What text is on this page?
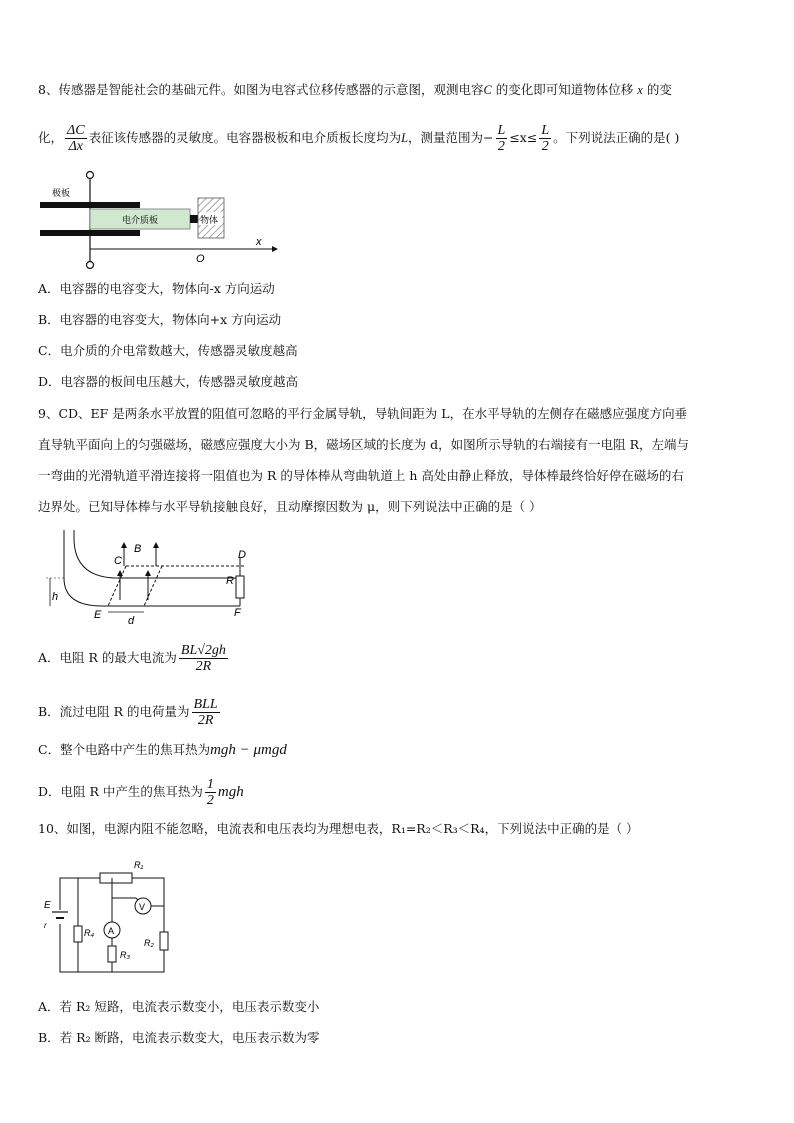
8、传感器是智能社会的基础元件。如图为电容式位移传感器的示意图，观测电容C 的变化即可知道物体位移 x 的变
化， $\frac{\Delta C}{\Delta x}$ 表征该传感器的灵敏度。电容器极板和电介质板长度均为L，测量范围为− $\frac{L}{2} \le x\le \frac{L}{2}$ 。下列说法正确的是( )
极板
电介质板	物体
x
O
A．电容器的电容变大，物体向-x 方向运动
B．电容器的电容变大，物体向+x 方向运动
C．电介质的介电常数越大，传感器灵敏度越高
D．电容器的板间电压越大，传感器灵敏度越高
9、CD、EF 是两条水平放置的阻值可忽略的平行金属导轨，导轨间距为 L，在水平导轨的左侧存在磁感应强度方向垂
直导轨平面向上的匀强磁场，磁感应强度大小为 B，磁场区域的长度为 d，如图所示导轨的右端接有一电阻 R，左端与
一弯曲的光滑轨道平滑连接将一阻值也为 R 的导体棒从弯曲轨道上 h 高处由静止释放，导体棒最终恰好停在磁场的右
边界处。已知导体棒与水平导轨接触良好，且动摩擦因数为 μ，则下列说法中正确的是（ ）
B
C	D
E	F
R
h
d
A．电阻 R 的最大电流为 $\frac{BL√2gh}{2R}$
B．流过电阻 R 的电荷量为 $\frac{\text{BLL}}{2R}$
C．整个电路中产生的焦耳热为mgh − μmgd
D．电阻 R 中产生的焦耳热为 $\frac{1}{2}$ mgh
10、如图，电源内阻不能忽略，电流表和电压表均为理想电表，R₁=R₂＜R₃＜R₄，下列说法中正确的是（ ）
E
r
R₁
R₂
R₃
R₄ A
V
A．若 R₂ 短路，电流表示数变小，电压表示数变小
B．若 R₂ 断路，电流表示数变大，电压表示数为零
